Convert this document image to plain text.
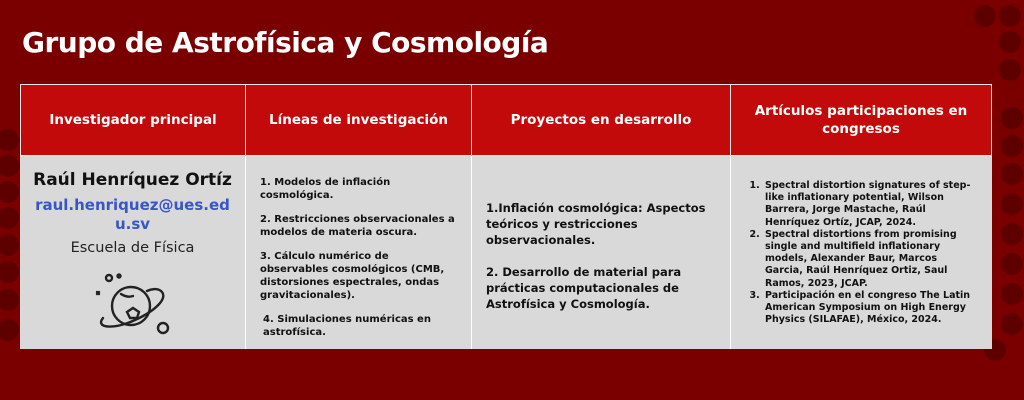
Grupo de Astrofísica y Cosmología
Investigador principal	Líneas de investigación	Proyectos en desarrollo
Artículos participaciones en congresos
Raúl Henríquez Ortíz
raul.henriquez@ues.edu.sv
Escuela de Física

1. Modelos de inflación cosmológica.

2. Restricciones observacionales a modelos de materia oscura.

3. Cálculo numérico de observables cosmológicos (CMB, distorsiones espectrales, ondas gravitacionales).

4. Simulaciones numéricas en astrofísica.

1.Inflación cosmológica: Aspectos teóricos y restricciones observacionales.

2. Desarrollo de material para prácticas computacionales de Astrofísica y Cosmología.

1. Spectral distortion signatures of step-like inflationary potential, Wilson Barrera, Jorge Mastache, Raúl Henríquez Ortíz, JCAP, 2024.
2. Spectral distortions from promising single and multifield inflationary models, Alexander Baur, Marcos Garcia, Raúl Henríquez Ortiz, Saul Ramos, 2023, JCAP.
3. Participación en el congreso The Latin American Symposium on High Energy Physics (SILAFAE), México, 2024.
